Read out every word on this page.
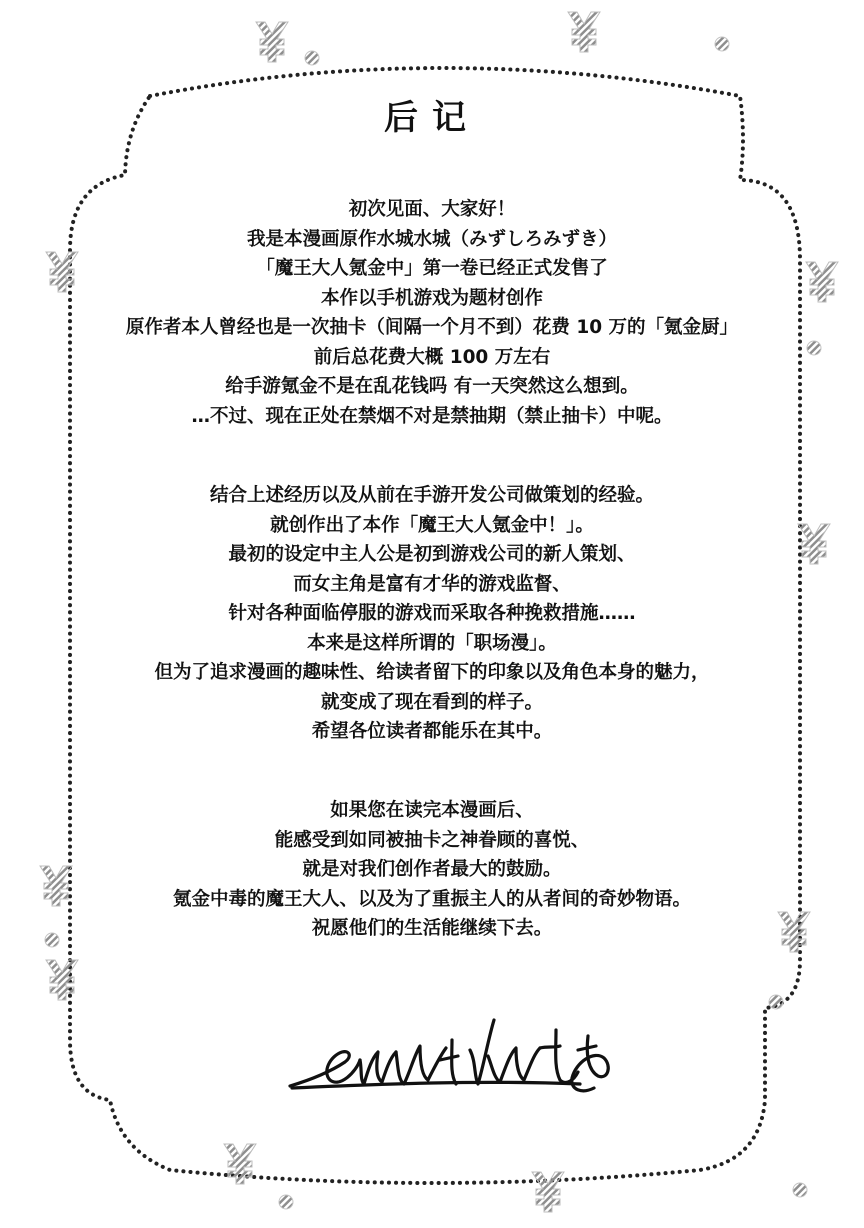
后记
初次见面、大家好！
我是本漫画原作水城水城（みずしろみずき）
「魔王大人氪金中」第一卷已经正式发售了
本作以手机游戏为题材创作
原作者本人曾经也是一次抽卡（间隔一个月不到）花费 10 万的「氪金厨」
前后总花费大概 100 万左右
给手游氪金不是在乱花钱吗 有一天突然这么想到。
…不过、现在正处在禁烟不对是禁抽期（禁止抽卡）中呢。
结合上述经历以及从前在手游开发公司做策划的经验。
就创作出了本作「魔王大人氪金中！」。
最初的设定中主人公是初到游戏公司的新人策划、
而女主角是富有才华的游戏监督、
针对各种面临停服的游戏而采取各种挽救措施……
本来是这样所谓的「职场漫」。
但为了追求漫画的趣味性、给读者留下的印象以及角色本身的魅力，
就变成了现在看到的样子。
希望各位读者都能乐在其中。
如果您在读完本漫画后、
能感受到如同被抽卡之神眷顾的喜悦、
就是对我们创作者最大的鼓励。
氪金中毒的魔王大人、以及为了重振主人的从者间的奇妙物语。
祝愿他们的生活能继续下去。
